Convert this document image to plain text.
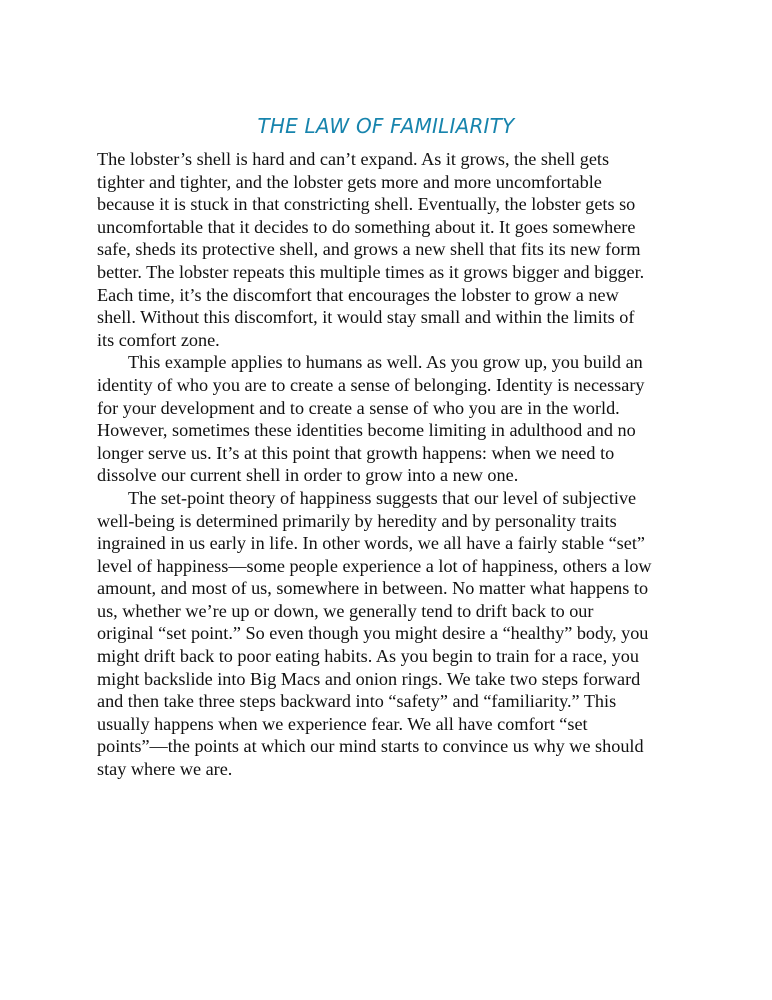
THE LAW OF FAMILIARITY

The lobster’s shell is hard and can’t expand. As it grows, the shell gets
tighter and tighter, and the lobster gets more and more uncomfortable
because it is stuck in that constricting shell. Eventually, the lobster gets so
uncomfortable that it decides to do something about it. It goes somewhere
safe, sheds its protective shell, and grows a new shell that fits its new form
better. The lobster repeats this multiple times as it grows bigger and bigger.
Each time, it’s the discomfort that encourages the lobster to grow a new
shell. Without this discomfort, it would stay small and within the limits of
its comfort zone.

This example applies to humans as well. As you grow up, you build an
identity of who you are to create a sense of belonging. Identity is necessary
for your development and to create a sense of who you are in the world.
However, sometimes these identities become limiting in adulthood and no
longer serve us. It’s at this point that growth happens: when we need to
dissolve our current shell in order to grow into a new one.

The set-point theory of happiness suggests that our level of subjective
well-being is determined primarily by heredity and by personality traits
ingrained in us early in life. In other words, we all have a fairly stable “set”
level of happiness—some people experience a lot of happiness, others a low
amount, and most of us, somewhere in between. No matter what happens to
us, whether we’re up or down, we generally tend to drift back to our
original “set point.” So even though you might desire a “healthy” body, you
might drift back to poor eating habits. As you begin to train for a race, you
might backslide into Big Macs and onion rings. We take two steps forward
and then take three steps backward into “safety” and “familiarity.” This
usually happens when we experience fear. We all have comfort “set
points”—the points at which our mind starts to convince us why we should
stay where we are.
